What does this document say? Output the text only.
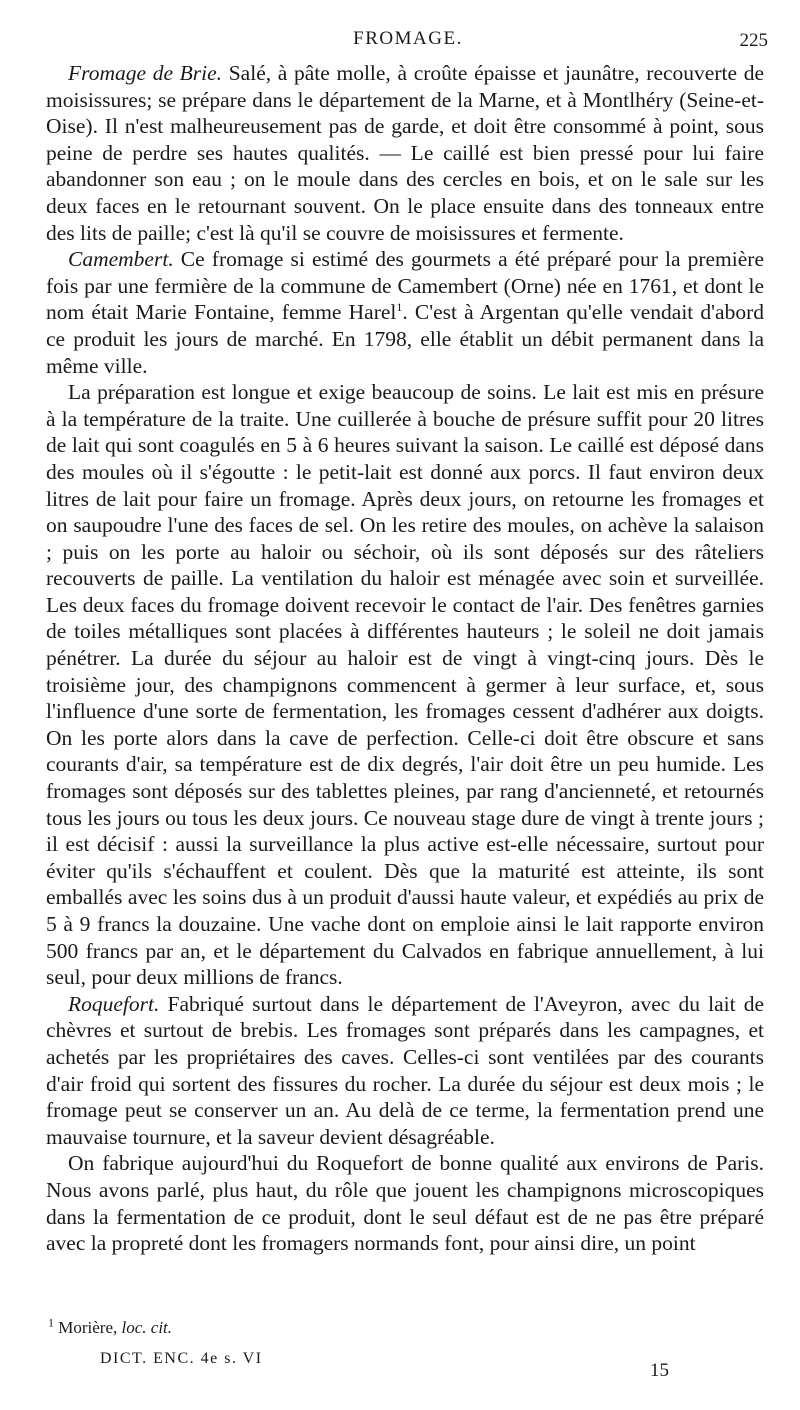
FROMAGE.	225

Fromage de Brie. Salé, à pâte molle, à croûte épaisse et jaunâtre, recouverte de moisissures; se prépare dans le département de la Marne, et à Montlhéry (Seine-et-Oise). Il n'est malheureusement pas de garde, et doit être consommé à point, sous peine de perdre ses hautes qualités. — Le caillé est bien pressé pour lui faire abandonner son eau ; on le moule dans des cercles en bois, et on le sale sur les deux faces en le retournant souvent. On le place ensuite dans des tonneaux entre des lits de paille; c'est là qu'il se couvre de moisissures et fermente.

Camembert. Ce fromage si estimé des gourmets a été préparé pour la première fois par une fermière de la commune de Camembert (Orne) née en 1761, et dont le nom était Marie Fontaine, femme Harel$^1$. C'est à Argentan qu'elle vendait d'abord ce produit les jours de marché. En 1798, elle établit un débit permanent dans la même ville.

La préparation est longue et exige beaucoup de soins. Le lait est mis en présure à la température de la traite. Une cuillerée à bouche de présure suffit pour 20 litres de lait qui sont coagulés en 5 à 6 heures suivant la saison. Le caillé est déposé dans des moules où il s'égoutte : le petit-lait est donné aux porcs. Il faut environ deux litres de lait pour faire un fromage. Après deux jours, on retourne les fromages et on saupoudre l'une des faces de sel. On les retire des moules, on achève la salaison ; puis on les porte au haloir ou séchoir, où ils sont déposés sur des râteliers recouverts de paille. La ventilation du haloir est ménagée avec soin et surveillée. Les deux faces du fromage doivent recevoir le contact de l'air. Des fenêtres garnies de toiles métalliques sont placées à différentes hauteurs ; le soleil ne doit jamais pénétrer. La durée du séjour au haloir est de vingt à vingt-cinq jours. Dès le troisième jour, des champignons commencent à germer à leur surface, et, sous l'influence d'une sorte de fermentation, les fromages cessent d'adhérer aux doigts. On les porte alors dans la cave de perfection. Celle-ci doit être obscure et sans courants d'air, sa température est de dix degrés, l'air doit être un peu humide. Les fromages sont déposés sur des tablettes pleines, par rang d'ancienneté, et retournés tous les jours ou tous les deux jours. Ce nouveau stage dure de vingt à trente jours ; il est décisif : aussi la surveillance la plus active est-elle nécessaire, surtout pour éviter qu'ils s'échauffent et coulent. Dès que la maturité est atteinte, ils sont emballés avec les soins dus à un produit d'aussi haute valeur, et expédiés au prix de 5 à 9 francs la douzaine. Une vache dont on emploie ainsi le lait rapporte environ 500 francs par an, et le département du Calvados en fabrique annuellement, à lui seul, pour deux millions de francs.

Roquefort. Fabriqué surtout dans le département de l'Aveyron, avec du lait de chèvres et surtout de brebis. Les fromages sont préparés dans les campagnes, et achetés par les propriétaires des caves. Celles-ci sont ventilées par des courants d'air froid qui sortent des fissures du rocher. La durée du séjour est deux mois ; le fromage peut se conserver un an. Au delà de ce terme, la fermentation prend une mauvaise tournure, et la saveur devient désagréable.

On fabrique aujourd'hui du Roquefort de bonne qualité aux environs de Paris. Nous avons parlé, plus haut, du rôle que jouent les champignons microscopiques dans la fermentation de ce produit, dont le seul défaut est de ne pas être préparé avec la propreté dont les fromagers normands font, pour ainsi dire, un point

$^1$ Morière, loc. cit.
DICT. ENC. 4e s. VI
15
